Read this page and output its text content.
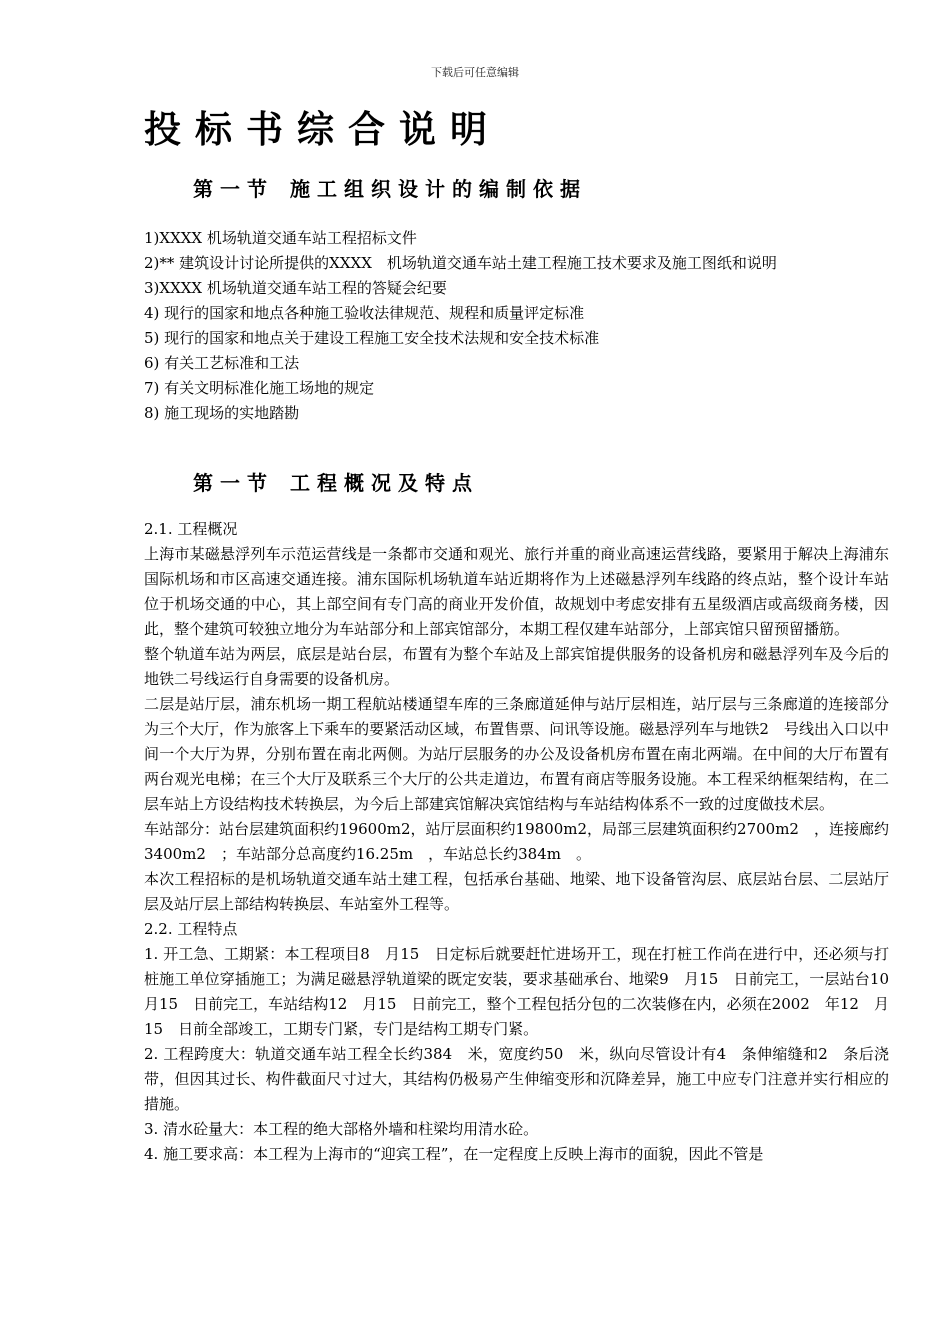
下载后可任意编辑
投标书综合说明
第一节 施工组织设计的编制依据
1)XXXX 机场轨道交通车站工程招标文件
2)** 建筑设计讨论所提供的XXXX　机场轨道交通车站土建工程施工技术要求及施工图纸和说明
3)XXXX 机场轨道交通车站工程的答疑会纪要
4) 现行的国家和地点各种施工验收法律规范、规程和质量评定标准
5) 现行的国家和地点关于建设工程施工安全技术法规和安全技术标准
6) 有关工艺标准和工法
7) 有关文明标准化施工场地的规定
8) 施工现场的实地踏勘
第一节 工程概况及特点

2.1. 工程概况

上海市某磁悬浮列车示范运营线是一条都市交通和观光、旅行并重的商业高速运营线路，要紧用于解决上海浦东国际机场和市区高速交通连接。浦东国际机场轨道车站近期将作为上述磁悬浮列车线路的终点站，整个设计车站位于机场交通的中心，其上部空间有专门高的商业开发价值，故规划中考虑安排有五星级酒店或高级商务楼，因此，整个建筑可较独立地分为车站部分和上部宾馆部分，本期工程仅建车站部分，上部宾馆只留预留播筋。

整个轨道车站为两层，底层是站台层，布置有为整个车站及上部宾馆提供服务的设备机房和磁悬浮列车及今后的地铁二号线运行自身需要的设备机房。

二层是站厅层，浦东机场一期工程航站楼通望车库的三条廊道延伸与站厅层相连，站厅层与三条廊道的连接部分为三个大厅，作为旅客上下乘车的要紧活动区域，布置售票、问讯等设施。磁悬浮列车与地铁2　号线出入口以中间一个大厅为界，分别布置在南北两侧。为站厅层服务的办公及设备机房布置在南北两端。在中间的大厅布置有两台观光电梯；在三个大厅及联系三个大厅的公共走道边，布置有商店等服务设施。本工程采纳框架结构，在二层车站上方设结构技术转换层，为今后上部建宾馆解决宾馆结构与车站结构体系不一致的过度做技术层。

车站部分：站台层建筑面积约19600m2，站厅层面积约19800m2，局部三层建筑面积约2700m2　，连接廊约3400m2　；车站部分总高度约16.25m　，车站总长约384m　。

本次工程招标的是机场轨道交通车站土建工程，包括承台基础、地梁、地下设备管沟层、底层站台层、二层站厅层及站厅层上部结构转换层、车站室外工程等。

2.2. 工程特点

1. 开工急、工期紧：本工程项目8　月15　日定标后就要赶忙进场开工，现在打桩工作尚在进行中，还必须与打桩施工单位穿插施工；为满足磁悬浮轨道梁的既定安装，要求基础承台、地梁9　月15　日前完工，一层站台10　月15　日前完工，车站结构12　月15　日前完工，整个工程包括分包的二次装修在内，必须在2002　年12　月15　日前全部竣工，工期专门紧，专门是结构工期专门紧。

2. 工程跨度大：轨道交通车站工程全长约384　米，宽度约50　米，纵向尽管设计有4　条伸缩缝和2　条后浇带，但因其过长、构件截面尺寸过大，其结构仍极易产生伸缩变形和沉降差异，施工中应专门注意并实行相应的措施。

3. 清水砼量大：本工程的绝大部格外墙和柱梁均用清水砼。

4. 施工要求高：本工程为上海市的“迎宾工程”，在一定程度上反映上海市的面貌，因此不管是
